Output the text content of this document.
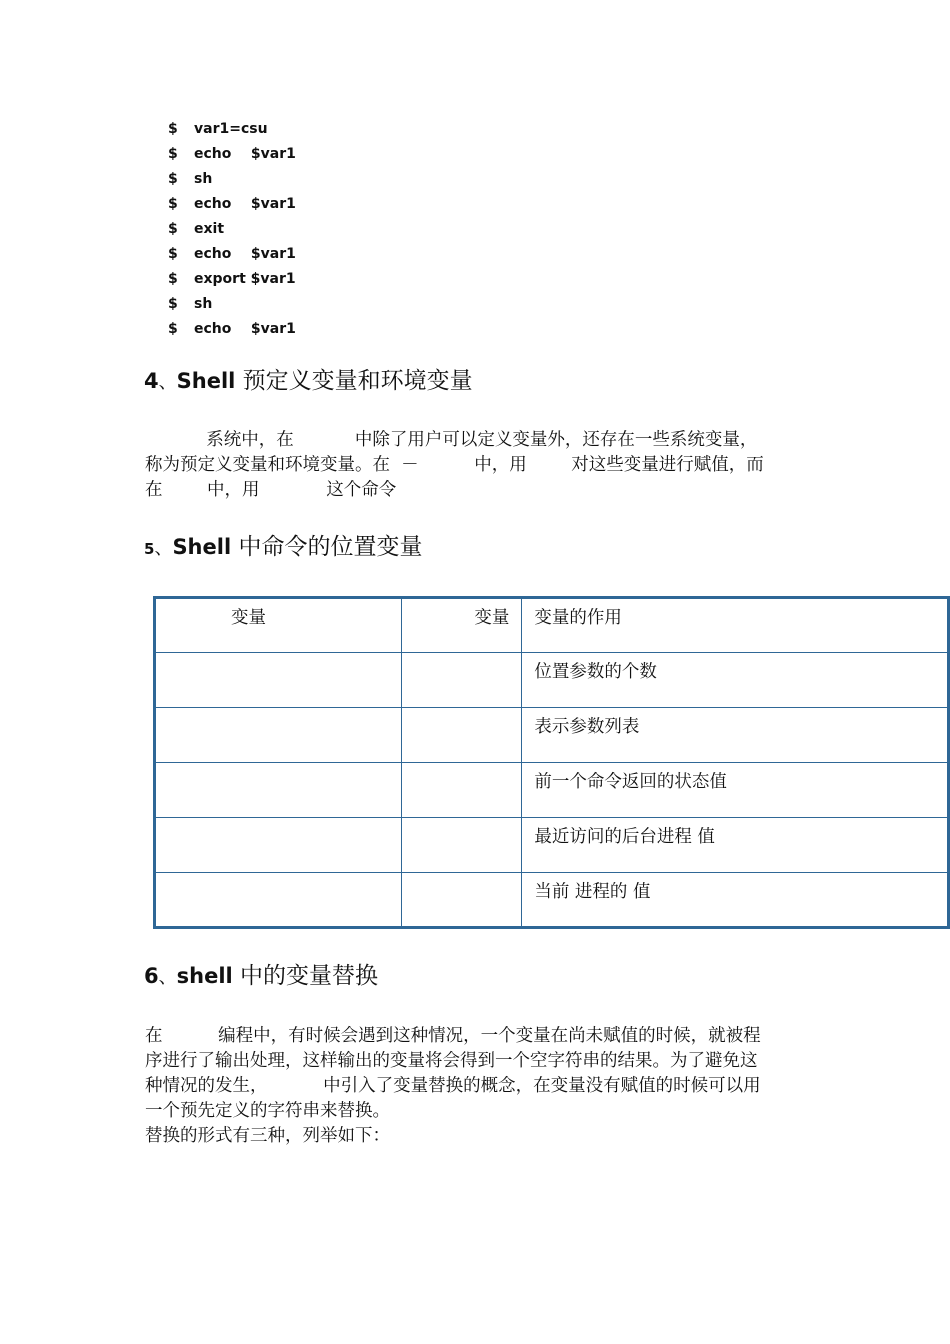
$ var1=csu
$ echo    $var1
$ sh
$ echo    $var1
$ exit
$ echo    $var1
$ export $var1
$ sh
$ echo    $var1
4、Shell 预定义变量和环境变量
系统中，在           中除了用户可以定义变量外，还存在一些系统变量，
称为预定义变量和环境变量。在  －          中，用        对这些变量进行赋值，而
在        中，用            这个命令
5、Shell 中命令的位置变量
变量	变量	变量的作用
		位置参数的个数
		表示参数列表
		前一个命令返回的状态值
		最近访问的后台进程 值
		当前 进程的 值
6、shell 中的变量替换
在          编程中，有时候会遇到这种情况，一个变量在尚未赋值的时候，就被程
序进行了输出处理，这样输出的变量将会得到一个空字符串的结果。为了避免这
种情况的发生，          中引入了变量替换的概念，在变量没有赋值的时候可以用
一个预先定义的字符串来替换。
替换的形式有三种，列举如下：
